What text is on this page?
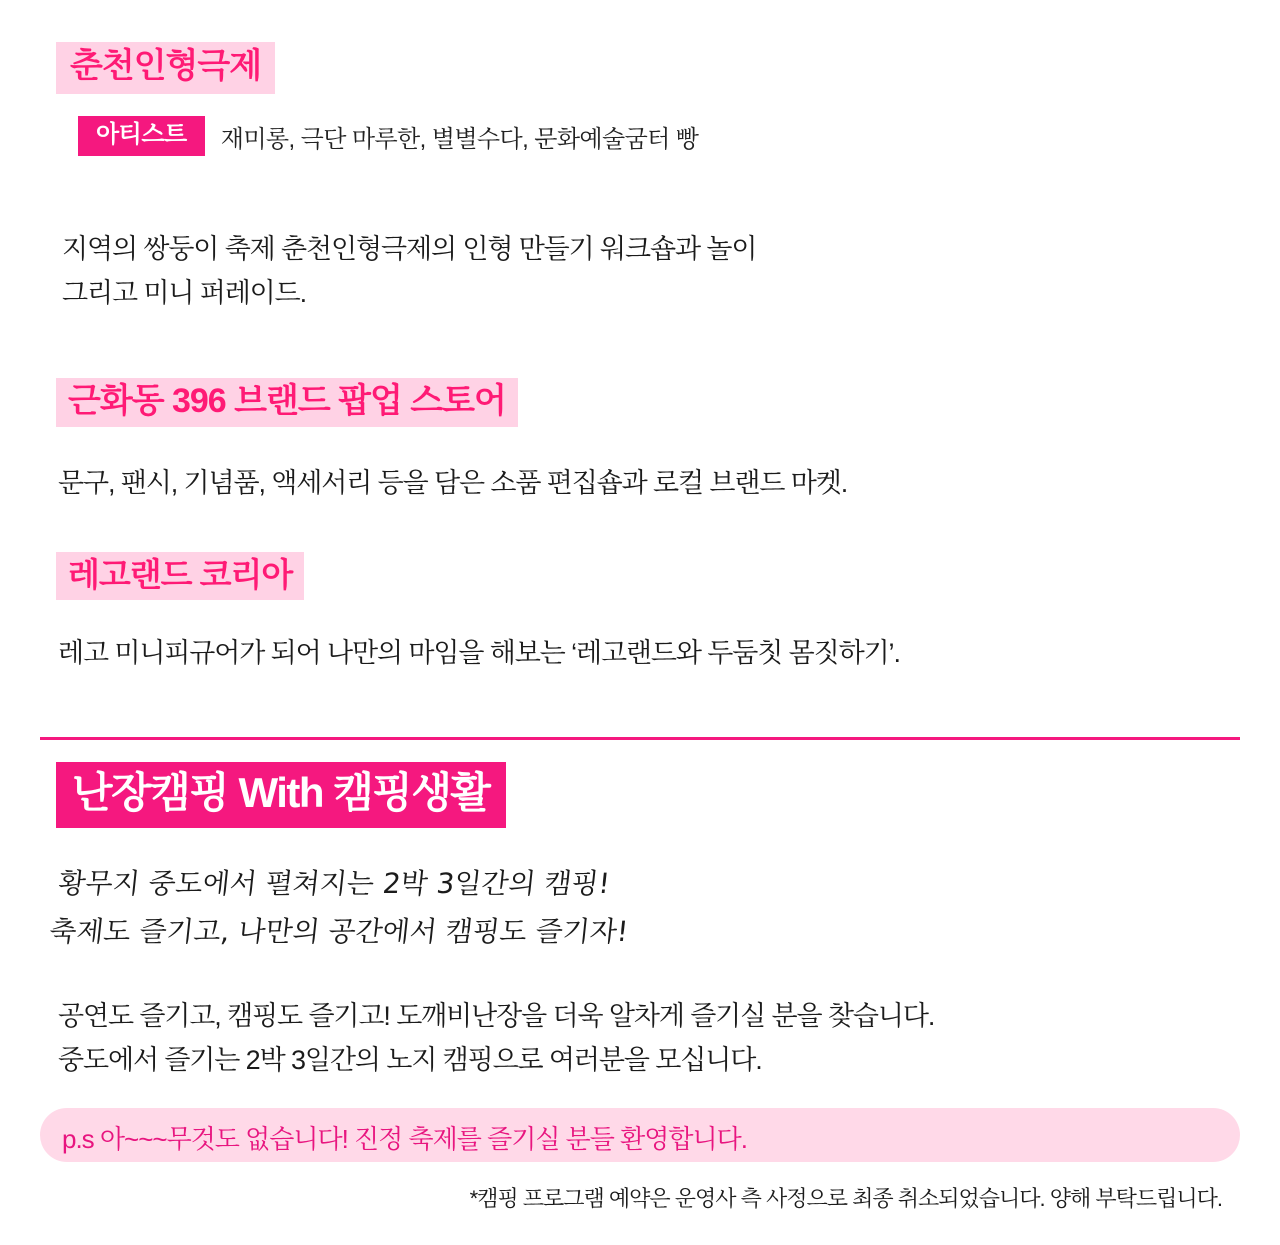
춘천인형극제
아티스트	재미롱, 극단 마루한, 별별수다, 문화예술굼터 빵
지역의 쌍둥이 축제 춘천인형극제의 인형 만들기 워크숍과 놀이
그리고 미니 퍼레이드.
근화동 396 브랜드 팝업 스토어
문구, 팬시, 기념품, 액세서리 등을 담은 소품 편집숍과 로컬 브랜드 마켓.
레고랜드 코리아
레고 미니피규어가 되어 나만의 마임을 해보는 ‘레고랜드와 두둠칫 몸짓하기’.
난장캠핑 With 캠핑생활
황무지 중도에서 펼쳐지는 2박 3일간의 캠핑!
축제도 즐기고, 나만의 공간에서 캠핑도 즐기자!
공연도 즐기고, 캠핑도 즐기고! 도깨비난장을 더욱 알차게 즐기실 분을 찾습니다.
중도에서 즐기는 2박 3일간의 노지 캠핑으로 여러분을 모십니다.
p.s 아~~~무것도 없습니다! 진정 축제를 즐기실 분들 환영합니다.
*캠핑 프로그램 예약은 운영사 측 사정으로 최종 취소되었습니다. 양해 부탁드립니다.
